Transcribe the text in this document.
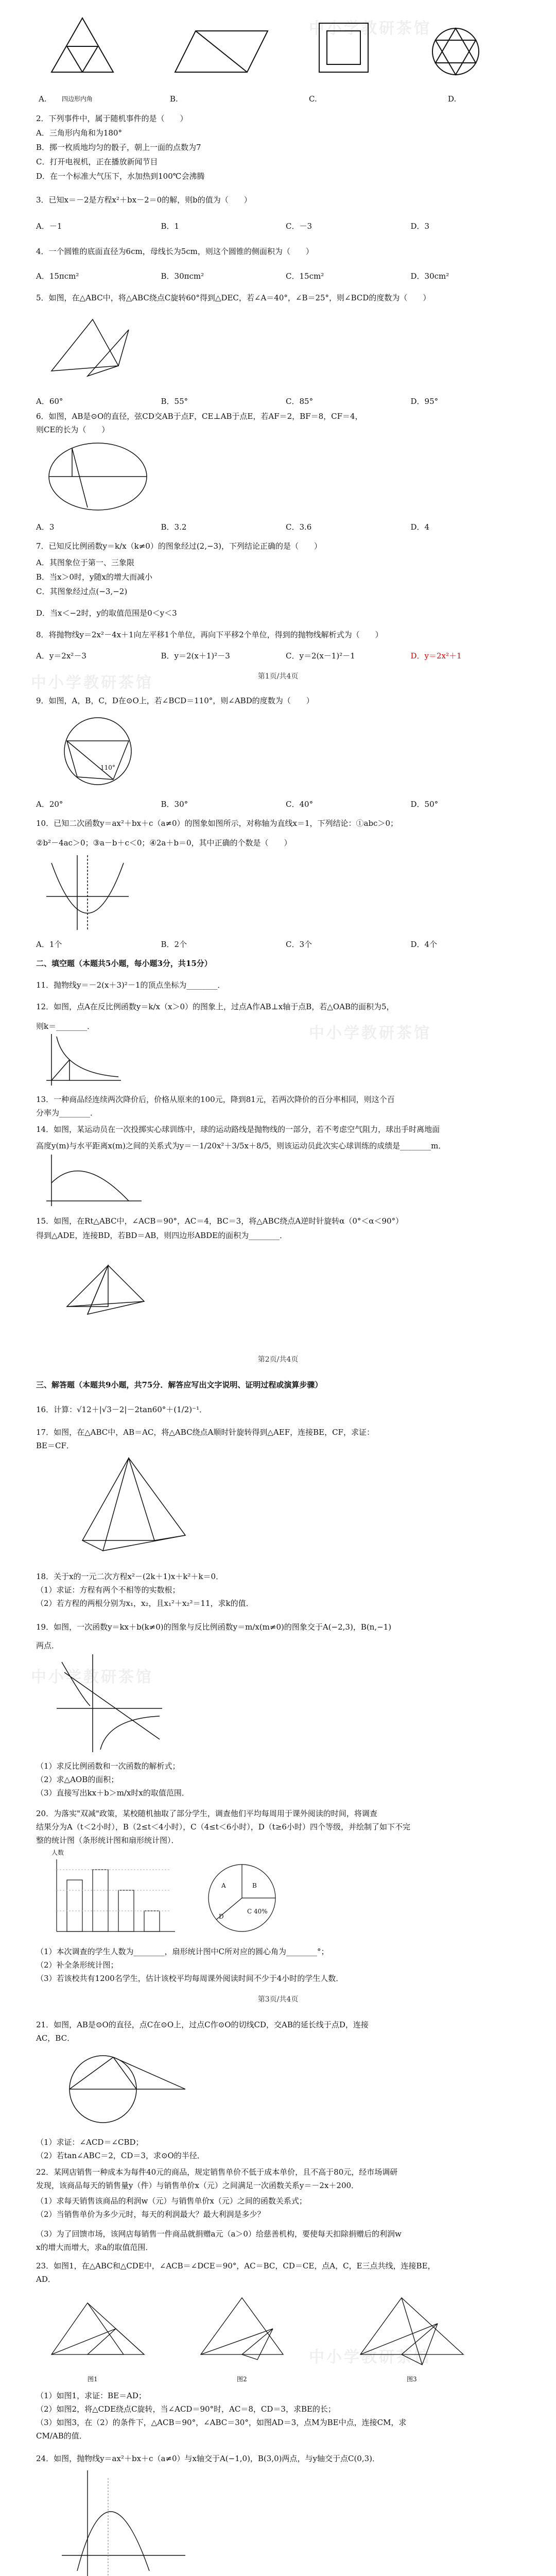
中小学教研茶馆
中小学教研茶馆
中小学教研茶馆
中小学教研茶馆
中小学教研茶馆
A.	四边形内角	B.	C.	D.
2．下列事件中，属于随机事件的是（　　）
A．三角形内角和为180°
B．掷一枚质地均匀的骰子，朝上一面的点数为7
C．打开电视机，正在播放新闻节目
D．在一个标准大气压下，水加热到100℃会沸腾
3．已知x＝－2是方程x²＋bx－2＝0的解，则b的值为（　　）
A．－1	B．1	C．－3	D．3
4．一个圆锥的底面直径为6cm，母线长为5cm，则这个圆锥的侧面积为（　　）
A．15πcm²	B．30πcm²	C．15cm²	D．30cm²
5．如图，在△ABC中，将△ABC绕点C旋转60°得到△DEC，若∠A＝40°，∠B＝25°，则∠BCD的度数为（　　）
A．60°	B．55°	C．85°	D．95°
6．如图，AB是⊙O的直径，弦CD交AB于点F，CE⊥AB于点E，若AF＝2，BF＝8，CF＝4，
则CE的长为（　　）
A．3	B．3.2	C．3.6	D．4
7．已知反比例函数y＝k/x（k≠0）的图象经过(2,−3)，下列结论正确的是（　　）
A．其图象位于第一、三象限
B．当x＞0时，y随x的增大而减小
C．其图象经过点(−3,−2)
D．当x＜−2时，y的取值范围是0＜y＜3
8．将抛物线y＝2x²－4x＋1向左平移1个单位，再向下平移2个单位，得到的抛物线解析式为（　　）
A．y＝2x²－3	B．y＝2(x＋1)²－3	C．y＝2(x－1)²－1	D．y＝2x²＋1
第1页/共4页
9．如图，A，B，C，D在⊙O上，若∠BCD＝110°，则∠ABD的度数为（　　）
110°
A．20°	B．30°	C．40°	D．50°
10．已知二次函数y＝ax²＋bx＋c（a≠0）的图象如图所示，对称轴为直线x＝1，下列结论：①abc＞0；
②b²－4ac＞0；③a－b＋c＜0；④2a＋b＝0，其中正确的个数是（　　）
A．1个	B．2个	C．3个	D．4个
二、填空题（本题共5小题，每小题3分，共15分）
11．抛物线y＝－2(x＋3)²－1的顶点坐标为________．
12．如图，点A在反比例函数y＝k/x（x＞0）的图象上，过点A作AB⊥x轴于点B，若△OAB的面积为5，
则k＝________．
13．一种商品经连续两次降价后，价格从原来的100元，降到81元，若两次降价的百分率相同，则这个百
分率为________．
14．如图，某运动员在一次投掷实心球训练中，球的运动路线是抛物线的一部分，若不考虑空气阻力，球出手时离地面
高度y(m)与水平距离x(m)之间的关系式为y＝－1/20x²＋3/5x＋8/5，则该运动员此次实心球训练的成绩是________m．
15．如图，在Rt△ABC中，∠ACB＝90°，AC＝4，BC＝3，将△ABC绕点A逆时针旋转α（0°＜α＜90°）
得到△ADE，连接BD，若BD＝AB，则四边形ABDE的面积为________．
第2页/共4页
三、解答题（本题共9小题，共75分．解答应写出文字说明、证明过程或演算步骤）
16．计算：√12＋|√3－2|－2tan60°＋(1/2)⁻¹．
17．如图，在△ABC中，AB＝AC，将△ABC绕点A顺时针旋转得到△AEF，连接BE，CF，求证：
BE＝CF．
18．关于x的一元二次方程x²－(2k＋1)x＋k²＋k＝0．
（1）求证：方程有两个不相等的实数根；
（2）若方程的两根分别为x₁，x₂，且x₁²＋x₂²＝11，求k的值．
19．如图，一次函数y＝kx＋b(k≠0)的图象与反比例函数y＝m/x(m≠0)的图象交于A(−2,3)，B(n,−1)
两点．
（1）求反比例函数和一次函数的解析式；
（2）求△AOB的面积；
（3）直接写出kx＋b＞m/x时x的取值范围．
20．为落实"双减"政策，某校随机抽取了部分学生，调查他们平均每周用于课外阅读的时间，将调查
结果分为A（t＜2小时），B（2≤t＜4小时），C（4≤t＜6小时），D（t≥6小时）四个等级，并绘制了如下不完
整的统计图（条形统计图和扇形统计图）．
人数
A	B
C 40%
D
（1）本次调查的学生人数为________，扇形统计图中C所对应的圆心角为________°；
（2）补全条形统计图；
（3）若该校共有1200名学生，估计该校平均每周课外阅读时间不少于4小时的学生人数．
第3页/共4页
21．如图，AB是⊙O的直径，点C在⊙O上，过点C作⊙O的切线CD，交AB的延长线于点D，连接
AC，BC．
（1）求证：∠ACD＝∠CBD；
（2）若tan∠ABC＝2，CD＝3，求⊙O的半径．
22．某网店销售一种成本为每件40元的商品，规定销售单价不低于成本单价，且不高于80元，经市场调研
发现，该商品每天的销售量y（件）与销售单价x（元）之间满足一次函数关系y＝－2x＋200．
（1）求每天销售该商品的利润w（元）与销售单价x（元）之间的函数关系式；
（2）当销售单价为多少元时，每天的利润最大？最大利润是多少？
（3）为了回馈市场，该网店每销售一件商品就捐赠a元（a＞0）给慈善机构，要使每天扣除捐赠后的利润w
x的增大而增大，求a的取值范围．
23．如图1，在△ABC和△CDE中，∠ACB＝∠DCE＝90°，AC＝BC，CD＝CE，点A，C，E三点共线，连接BE，
AD．
图1	图2	图3
（1）如图1，求证：BE＝AD；
（2）如图2，将△CDE绕点C旋转，当∠ACD＝90°时，AC＝8，CD＝3，求BE的长；
（3）如图3，在（2）的条件下，△ACB＝90°，∠ABC＝30°，如图AD＝3，点M为BE中点，连接CM，求
CM/AB的值．
24．如图，抛物线y＝ax²＋bx＋c（a≠0）与x轴交于A(−1,0)，B(3,0)两点，与y轴交于点C(0,3)．
